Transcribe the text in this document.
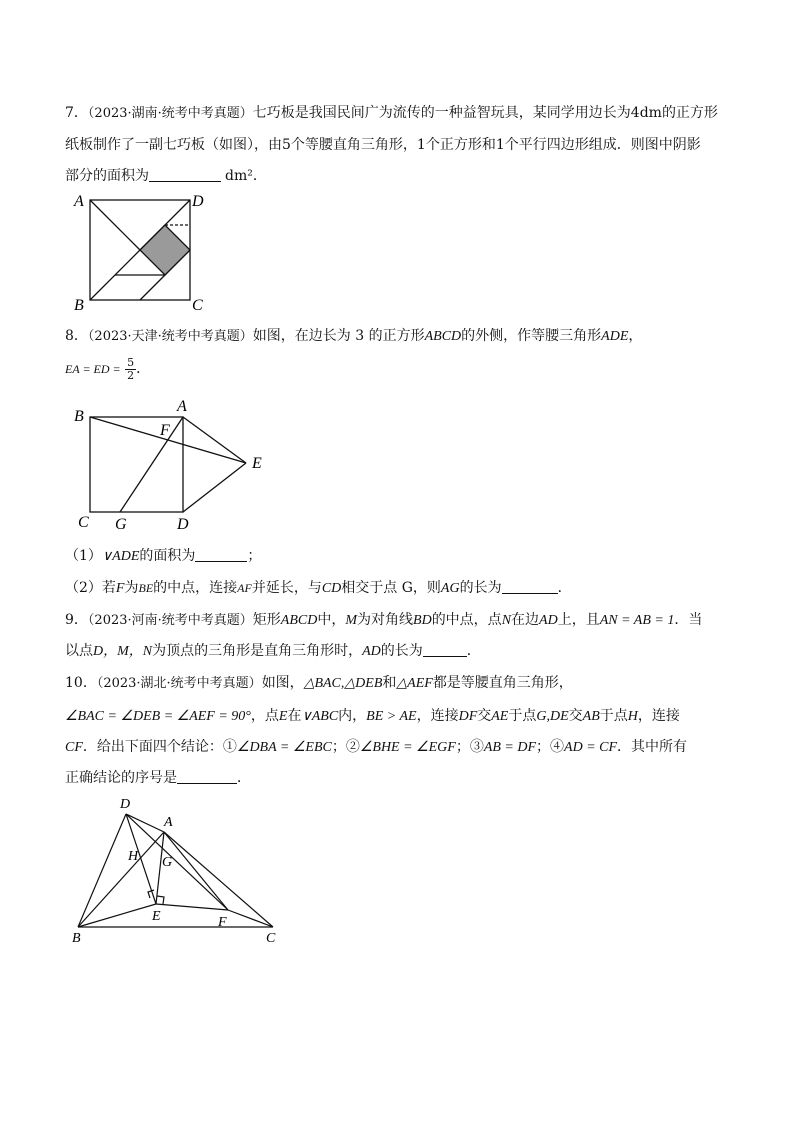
7．（2023·湖南·统考中考真题）七巧板是我国民间广为流传的一种益智玩具，某同学用边长为4dm的正方形
纸板制作了一副七巧板（如图），由5个等腰直角三角形，1个正方形和1个平行四边形组成．则图中阴影
部分的面积为	dm²．
A	D
B	C
8．（2023·天津·统考中考真题）如图，在边长为 3 的正方形ABCD的外侧，作等腰三角形ADE，
EA = ED = $\frac{5}{2}$ ．
B
A
F
E
C G	D
（1）∨ADE的面积为	；
（2）若F为BE的中点，连接AF并延长，与CD相交于点 G，则AG的长为	．
9．（2023·河南·统考中考真题）矩形ABCD中，M为对角线BD的中点，点N在边AD上，且AN = AB = 1．当
以点D，M，N为顶点的三角形是直角三角形时，AD的长为	．
10．（2023·湖北·统考中考真题）如图，△BAC,△DEB和△AEF都是等腰直角三角形，
∠BAC = ∠DEB = ∠AEF = 90°，点E在∨ABC内，BE > AE，连接DF交AE于点G,DE交AB于点H，连接
CF．给出下面四个结论：①∠DBA = ∠EBC；②∠BHE = ∠EGF；③AB = DF；④AD = CF．其中所有
正确结论的序号是	．
D
A
H G
E	F
B	C
